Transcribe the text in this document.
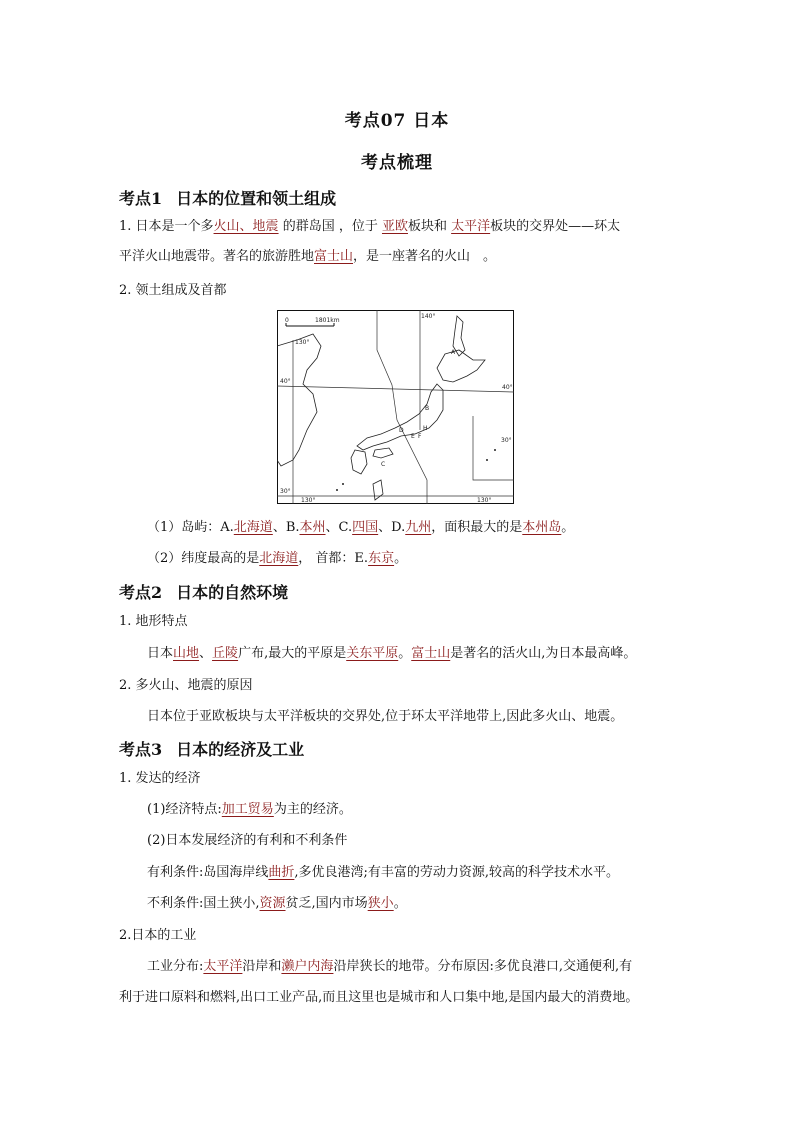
考点07 日本
考点梳理
考点1 日本的位置和领土组成
1. 日本是一个多火山、地震 的群岛国 ，位于 亚欧板块和 太平洋板块的交界处——环太
平洋火山地震带。著名的旅游胜地富士山，是一座著名的火山　。
2. 领土组成及首都
0	1801km
130°
140°
40°
40°
30°
30°
130°	130°
A
B
C
D
E F
H
（1）岛屿：A.北海道、B.本州、C.四国、D.九州，面积最大的是本州岛。
（2）纬度最高的是北海道， 首都：E.东京。
考点2 日本的自然环境
1. 地形特点
日本山地、丘陵广布,最大的平原是关东平原。富士山是著名的活火山,为日本最高峰。
2. 多火山、地震的原因
日本位于亚欧板块与太平洋板块的交界处,位于环太平洋地带上,因此多火山、地震。
考点3 日本的经济及工业
1. 发达的经济
(1)经济特点:加工贸易为主的经济。
(2)日本发展经济的有利和不利条件
有利条件:岛国海岸线曲折,多优良港湾;有丰富的劳动力资源,较高的科学技术水平。
不利条件:国土狭小,资源贫乏,国内市场狭小。
2.日本的工业
工业分布:太平洋沿岸和濑户内海沿岸狭长的地带。分布原因:多优良港口,交通便利,有
利于进口原料和燃料,出口工业产品,而且这里也是城市和人口集中地,是国内最大的消费地。
